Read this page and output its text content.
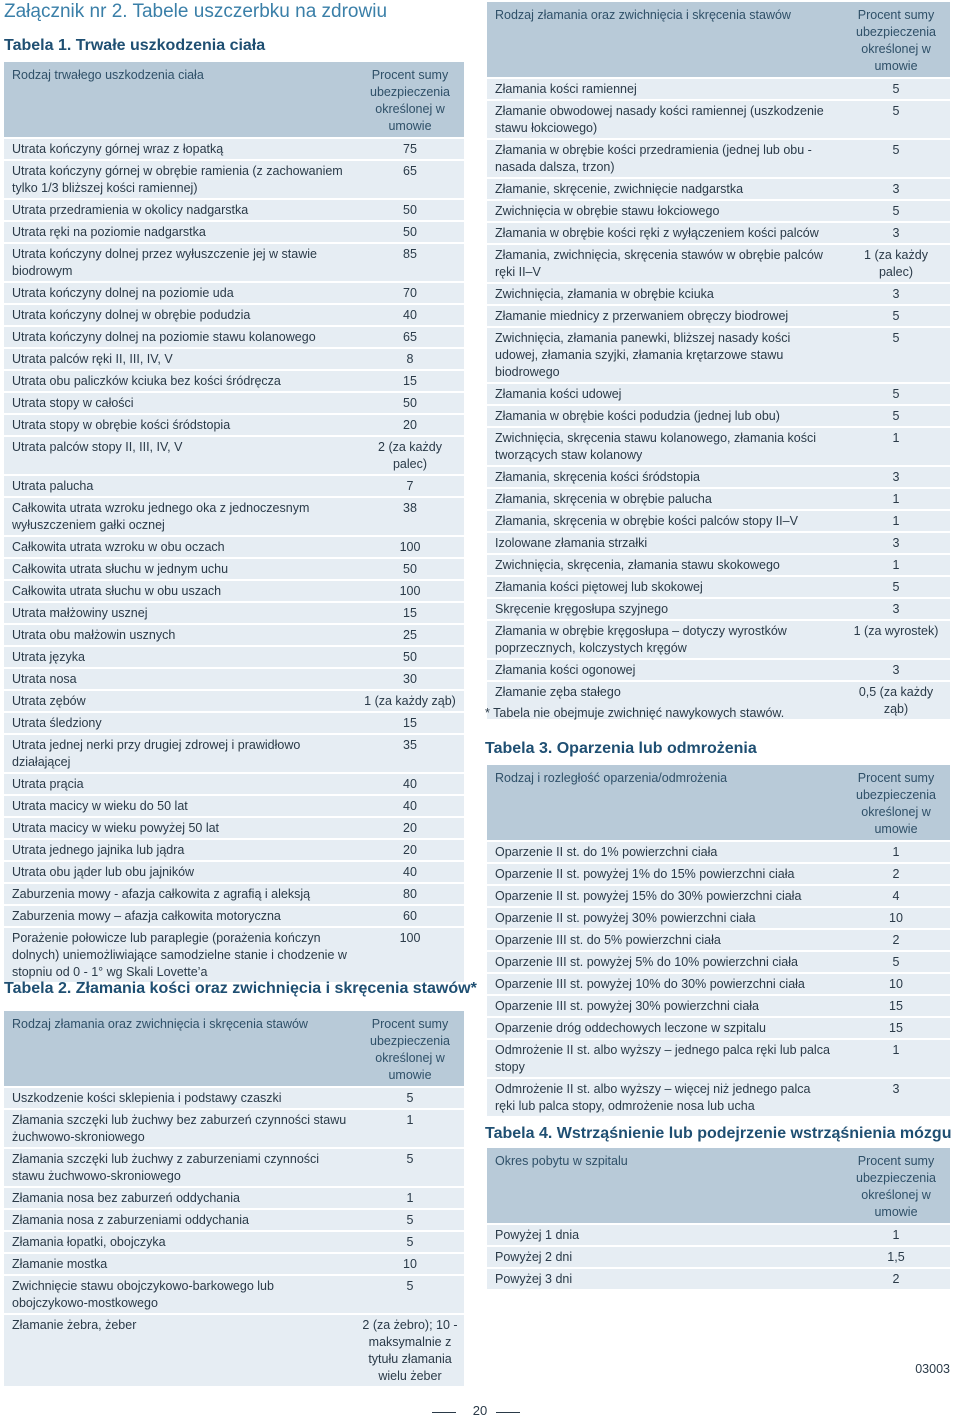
Załącznik nr 2. Tabele uszczerbku na zdrowiu
Tabela 1. Trwałe uszkodzenia ciała
Rodzaj trwałego uszkodzenia ciała	Procent sumy ubezpieczenia określonej w umowie
Utrata kończyny górnej wraz z łopatką	75
Utrata kończyny górnej w obrębie ramienia (z zachowaniem tylko 1/3 bliższej kości ramiennej)	65
Utrata przedramienia w okolicy nadgarstka	50
Utrata ręki na poziomie nadgarstka	50
Utrata kończyny dolnej przez wyłuszczenie jej w stawie biodrowym	85
Utrata kończyny dolnej na poziomie uda	70
Utrata kończyny dolnej w obrębie podudzia	40
Utrata kończyny dolnej na poziomie stawu kolanowego	65
Utrata palców ręki II, III, IV, V	8
Utrata obu paliczków kciuka bez kości śródręcza	15
Utrata stopy w całości	50
Utrata stopy w obrębie kości śródstopia	20
Utrata palców stopy II, III, IV, V	2 (za każdy palec)
Utrata palucha	7
Całkowita utrata wzroku jednego oka z jednoczesnym wyłuszczeniem gałki ocznej	38
Całkowita utrata wzroku w obu oczach	100
Całkowita utrata słuchu w jednym uchu	50
Całkowita utrata słuchu w obu uszach	100
Utrata małżowiny usznej	15
Utrata obu małżowin usznych	25
Utrata języka	50
Utrata nosa	30
Utrata zębów	1 (za każdy ząb)
Utrata śledziony	15
Utrata jednej nerki przy drugiej zdrowej i prawidłowo działającej	35
Utrata prącia	40
Utrata macicy w wieku do 50 lat	40
Utrata macicy w wieku powyżej 50 lat	20
Utrata jednego jajnika lub jądra	20
Utrata obu jąder lub obu jajników	40
Zaburzenia mowy - afazja całkowita z agrafią i aleksją	80
Zaburzenia mowy – afazja całkowita motoryczna	60
Porażenie połowicze lub paraplegie (porażenia kończyn dolnych) uniemożliwiające samodzielne stanie i chodzenie w stopniu od 0 - 1° wg Skali Lovette’a	100
Tabela 2. Złamania kości oraz zwichnięcia i skręcenia stawów*
Rodzaj złamania oraz zwichnięcia i skręcenia stawów	Procent sumy ubezpieczenia określonej w umowie
Uszkodzenie kości sklepienia i podstawy czaszki	5
Złamania szczęki lub żuchwy bez zaburzeń czynności stawu żuchwowo-skroniowego	1
Złamania szczęki lub żuchwy z zaburzeniami czynności stawu żuchwowo-skroniowego	5
Złamania nosa bez zaburzeń oddychania	1
Złamania nosa z zaburzeniami oddychania	5
Złamania łopatki, obojczyka	5
Złamanie mostka	10
Zwichnięcie stawu obojczykowo-barkowego lub obojczykowo-mostkowego	5
Złamanie żebra, żeber	2 (za żebro); 10 - maksymalnie z tytułu złamania wielu żeber
Rodzaj złamania oraz zwichnięcia i skręcenia stawów	Procent sumy ubezpieczenia określonej w umowie
Złamania kości ramiennej	5
Złamanie obwodowej nasady kości ramiennej (uszkodzenie stawu łokciowego)	5
Złamania w obrębie kości przedramienia (jednej lub obu - nasada dalsza, trzon)	5
Złamanie, skręcenie, zwichnięcie nadgarstka	3
Zwichnięcia w obrębie stawu łokciowego	5
Złamania w obrębie kości ręki z wyłączeniem kości palców	3
Złamania, zwichnięcia, skręcenia stawów w obrębie palców ręki II–V	1 (za każdy palec)
Zwichnięcia, złamania w obrębie kciuka	3
Złamanie miednicy z przerwaniem obręczy biodrowej	5
Zwichnięcia, złamania panewki, bliższej nasady kości udowej, złamania szyjki, złamania krętarzowe stawu biodrowego	5
Złamania kości udowej	5
Złamania w obrębie kości podudzia (jednej lub obu)	5
Zwichnięcia, skręcenia stawu kolanowego, złamania kości tworzących staw kolanowy	1
Złamania, skręcenia kości śródstopia	3
Złamania, skręcenia w obrębie palucha	1
Złamania, skręcenia w obrębie kości palców stopy II–V	1
Izolowane złamania strzałki	3
Zwichnięcia, skręcenia, złamania stawu skokowego	1
Złamania kości piętowej lub skokowej	5
Skręcenie kręgosłupa szyjnego	3
Złamania w obrębie kręgosłupa – dotyczy wyrostków poprzecznych, kolczystych kręgów	1 (za wyrostek)
Złamania kości ogonowej	3
Złamanie zęba stałego	0,5 (za każdy ząb)
* Tabela nie obejmuje zwichnięć nawykowych stawów.
Tabela 3. Oparzenia lub odmrożenia
Rodzaj i rozległość oparzenia/odmrożenia	Procent sumy ubezpieczenia określonej w umowie
Oparzenie II st. do 1% powierzchni ciała	1
Oparzenie II st. powyżej 1% do 15% powierzchni ciała	2
Oparzenie II st. powyżej 15% do 30% powierzchni ciała	4
Oparzenie II st. powyżej 30% powierzchni ciała	10
Oparzenie III st. do 5% powierzchni ciała	2
Oparzenie III st. powyżej 5% do 10% powierzchni ciała	5
Oparzenie III st. powyżej 10% do 30% powierzchni ciała	10
Oparzenie III st. powyżej 30% powierzchni ciała	15
Oparzenie dróg oddechowych leczone w szpitalu	15
Odmrożenie II st. albo wyższy – jednego palca ręki lub palca stopy	1
Odmrożenie II st. albo wyższy – więcej niż jednego palca ręki lub palca stopy, odmrożenie nosa lub ucha	3
Tabela 4. Wstrząśnienie lub podejrzenie wstrząśnienia mózgu
Okres pobytu w szpitalu	Procent sumy ubezpieczenia określonej w umowie
Powyżej 1 dnia	1
Powyżej 2 dni	1,5
Powyżej 3 dni	2
20
03003
